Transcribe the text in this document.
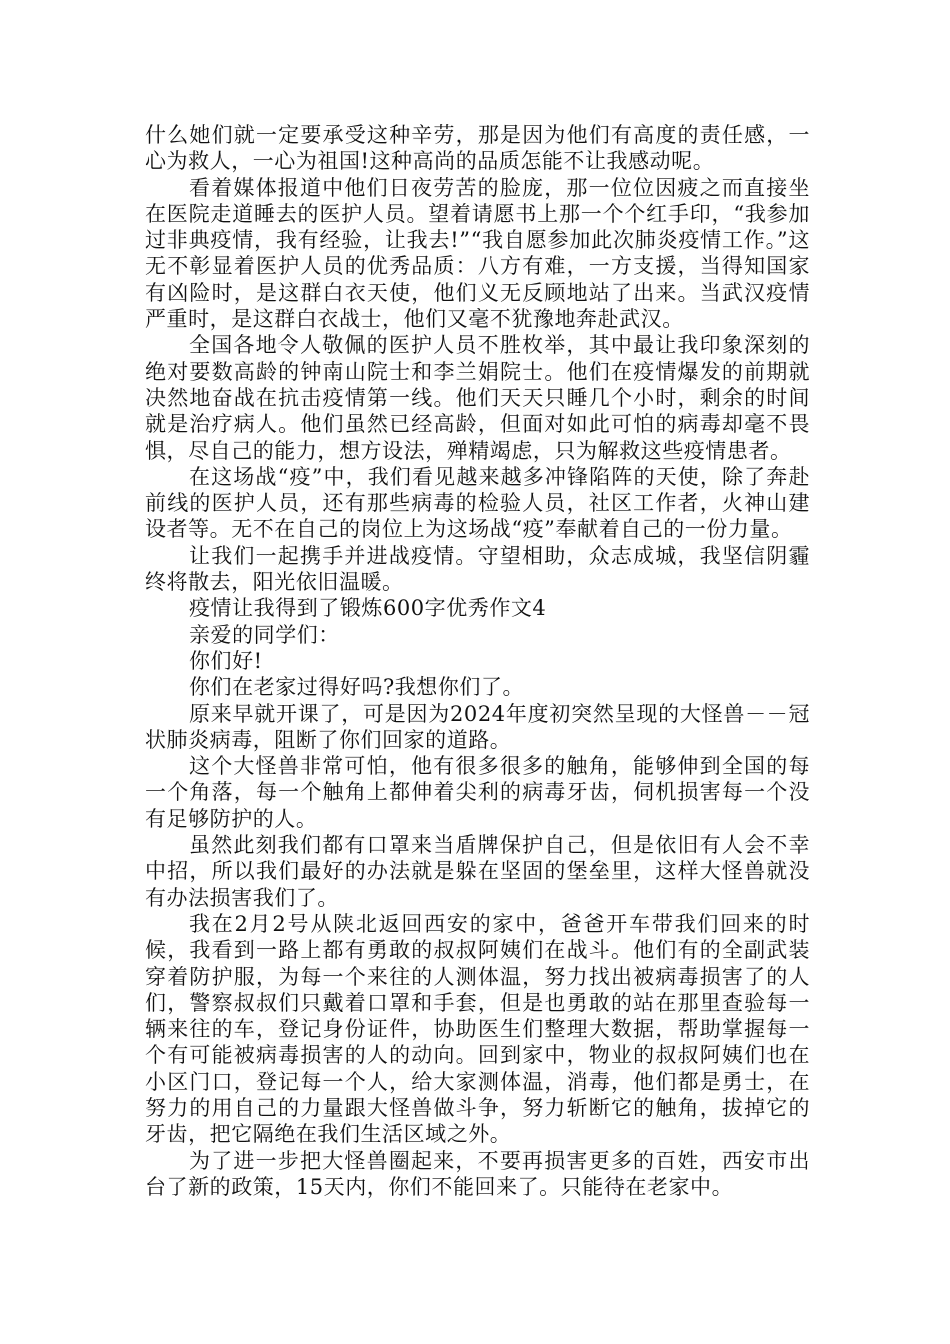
什么她们就一定要承受这种辛劳，那是因为他们有高度的责任感，一心为救人，一心为祖国!这种高尚的品质怎能不让我感动呢。

看着媒体报道中他们日夜劳苦的脸庞，那一位位因疲之而直接坐在医院走道睡去的医护人员。望着请愿书上那一个个红手印，“我参加过非典疫情，我有经验，让我去!”“我自愿参加此次肺炎疫情工作。”这无不彰显着医护人员的优秀品质：八方有难，一方支援，当得知国家有凶险时，是这群白衣天使，他们义无反顾地站了出来。当武汉疫情严重时，是这群白衣战士，他们又毫不犹豫地奔赴武汉。

全国各地令人敬佩的医护人员不胜枚举，其中最让我印象深刻的绝对要数高龄的钟南山院士和李兰娟院士。他们在疫情爆发的前期就决然地奋战在抗击疫情第一线。他们天天只睡几个小时，剩余的时间就是治疗病人。他们虽然已经高龄，但面对如此可怕的病毒却毫不畏惧，尽自己的能力，想方设法，殚精竭虑，只为解救这些疫情患者。

在这场战“疫”中，我们看见越来越多冲锋陷阵的天使，除了奔赴前线的医护人员，还有那些病毒的检验人员，社区工作者，火神山建设者等。无不在自己的岗位上为这场战“疫”奉献着自己的一份力量。

让我们一起携手并进战疫情。守望相助，众志成城，我坚信阴霾终将散去，阳光依旧温暖。

疫情让我得到了锻炼600字优秀作文4

亲爱的同学们：

你们好!

你们在老家过得好吗?我想你们了。

原来早就开课了，可是因为2024年度初突然呈现的大怪兽－－冠状肺炎病毒，阻断了你们回家的道路。

这个大怪兽非常可怕，他有很多很多的触角，能够伸到全国的每一个角落，每一个触角上都伸着尖利的病毒牙齿，伺机损害每一个没有足够防护的人。

虽然此刻我们都有口罩来当盾牌保护自己，但是依旧有人会不幸中招，所以我们最好的办法就是躲在坚固的堡垒里，这样大怪兽就没有办法损害我们了。

我在2月2号从陕北返回西安的家中，爸爸开车带我们回来的时候，我看到一路上都有勇敢的叔叔阿姨们在战斗。他们有的全副武装穿着防护服，为每一个来往的人测体温，努力找出被病毒损害了的人们，警察叔叔们只戴着口罩和手套，但是也勇敢的站在那里查验每一辆来往的车，登记身份证件，协助医生们整理大数据，帮助掌握每一个有可能被病毒损害的人的动向。回到家中，物业的叔叔阿姨们也在小区门口，登记每一个人，给大家测体温，消毒，他们都是勇士，在努力的用自己的力量跟大怪兽做斗争，努力斩断它的触角，拔掉它的牙齿，把它隔绝在我们生活区域之外。

为了进一步把大怪兽圈起来，不要再损害更多的百姓，西安市出台了新的政策，15天内，你们不能回来了。只能待在老家中。
